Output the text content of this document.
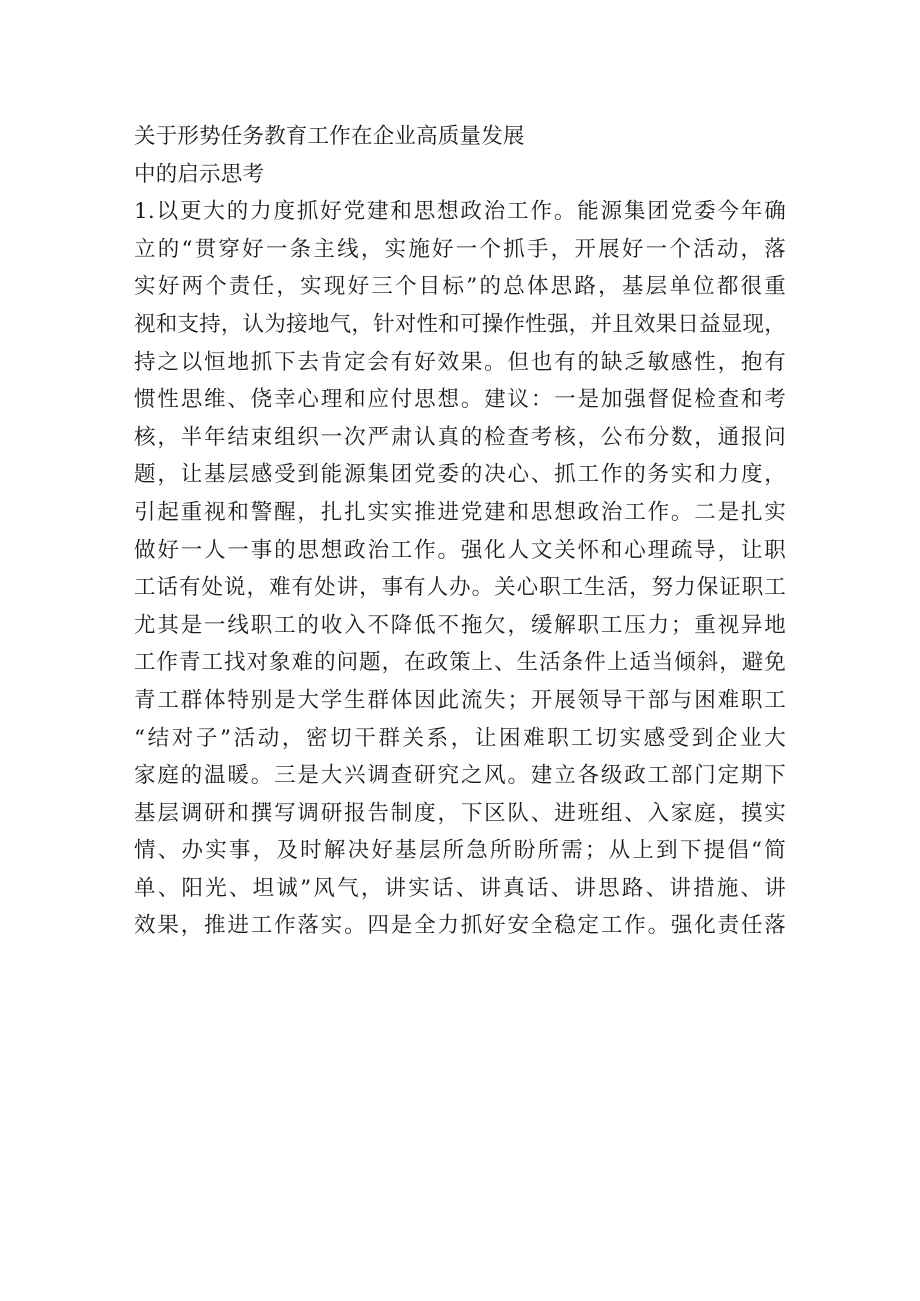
关于形势任务教育工作在企业高质量发展
中的启示思考
1.以更大的力度抓好党建和思想政治工作。能源集团党委今年确
立的“贯穿好一条主线，实施好一个抓手，开展好一个活动，落
实好两个责任，实现好三个目标”的总体思路，基层单位都很重
视和支持，认为接地气，针对性和可操作性强，并且效果日益显现，
持之以恒地抓下去肯定会有好效果。但也有的缺乏敏感性，抱有
惯性思维、侥幸心理和应付思想。建议：一是加强督促检查和考
核，半年结束组织一次严肃认真的检查考核，公布分数，通报问
题，让基层感受到能源集团党委的决心、抓工作的务实和力度，
引起重视和警醒，扎扎实实推进党建和思想政治工作。二是扎实
做好一人一事的思想政治工作。强化人文关怀和心理疏导，让职
工话有处说，难有处讲，事有人办。关心职工生活，努力保证职工
尤其是一线职工的收入不降低不拖欠，缓解职工压力；重视异地
工作青工找对象难的问题，在政策上、生活条件上适当倾斜，避免
青工群体特别是大学生群体因此流失；开展领导干部与困难职工
“结对子”活动，密切干群关系，让困难职工切实感受到企业大
家庭的温暖。三是大兴调查研究之风。建立各级政工部门定期下
基层调研和撰写调研报告制度，下区队、进班组、入家庭，摸实
情、办实事，及时解决好基层所急所盼所需；从上到下提倡“简
单、阳光、坦诚”风气，讲实话、讲真话、讲思路、讲措施、讲
效果，推进工作落实。四是全力抓好安全稳定工作。强化责任落
